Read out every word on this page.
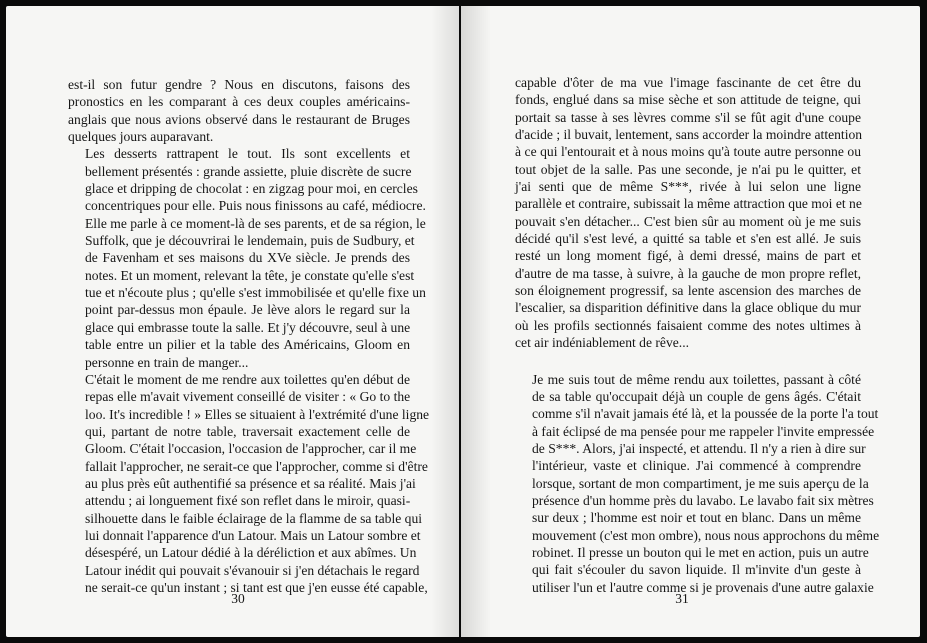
est-il son futur gendre ? Nous en discutons, faisons des
pronostics en les comparant à ces deux couples américains-
anglais que nous avions observé dans le restaurant de Bruges
quelques jours auparavant.

Les desserts rattrapent le tout. Ils sont excellents et
bellement présentés : grande assiette, pluie discrète de sucre
glace et dripping de chocolat : en zigzag pour moi, en cercles
concentriques pour elle. Puis nous finissons au café, médiocre.
Elle me parle à ce moment-là de ses parents, et de sa région, le
Suffolk, que je découvrirai le lendemain, puis de Sudbury, et
de Favenham et ses maisons du XVe siècle. Je prends des
notes. Et un moment, relevant la tête, je constate qu'elle s'est
tue et n'écoute plus ; qu'elle s'est immobilisée et qu'elle fixe un
point par-dessus mon épaule. Je lève alors le regard sur la
glace qui embrasse toute la salle. Et j'y découvre, seul à une
table entre un pilier et la table des Américains, Gloom en
personne en train de manger...

C'était le moment de me rendre aux toilettes qu'en début de
repas elle m'avait vivement conseillé de visiter : « Go to the
loo. It's incredible ! » Elles se situaient à l'extrémité d'une ligne
qui, partant de notre table, traversait exactement celle de
Gloom. C'était l'occasion, l'occasion de l'approcher, car il me
fallait l'approcher, ne serait-ce que l'approcher, comme si d'être
au plus près eût authentifié sa présence et sa réalité. Mais j'ai
attendu ; ai longuement fixé son reflet dans le miroir, quasi-
silhouette dans le faible éclairage de la flamme de sa table qui
lui donnait l'apparence d'un Latour. Mais un Latour sombre et
désespéré, un Latour dédié à la déréliction et aux abîmes. Un
Latour inédit qui pouvait s'évanouir si j'en détachais le regard
ne serait-ce qu'un instant ; si tant est que j'en eusse été capable,

30

capable d'ôter de ma vue l'image fascinante de cet être du
fonds, englué dans sa mise sèche et son attitude de teigne, qui
portait sa tasse à ses lèvres comme s'il se fût agit d'une coupe
d'acide ; il buvait, lentement, sans accorder la moindre attention
à ce qui l'entourait et à nous moins qu'à toute autre personne ou
tout objet de la salle. Pas une seconde, je n'ai pu le quitter, et
j'ai senti que de même S***, rivée à lui selon une ligne
parallèle et contraire, subissait la même attraction que moi et ne
pouvait s'en détacher... C'est bien sûr au moment où je me suis
décidé qu'il s'est levé, a quitté sa table et s'en est allé. Je suis
resté un long moment figé, à demi dressé, mains de part et
d'autre de ma tasse, à suivre, à la gauche de mon propre reflet,
son éloignement progressif, sa lente ascension des marches de
l'escalier, sa disparition définitive dans la glace oblique du mur
où les profils sectionnés faisaient comme des notes ultimes à
cet air indéniablement de rêve...

Je me suis tout de même rendu aux toilettes, passant à côté
de sa table qu'occupait déjà un couple de gens âgés. C'était
comme s'il n'avait jamais été là, et la poussée de la porte l'a tout
à fait éclipsé de ma pensée pour me rappeler l'invite empressée
de S***. Alors, j'ai inspecté, et attendu. Il n'y a rien à dire sur
l'intérieur, vaste et clinique. J'ai commencé à comprendre
lorsque, sortant de mon compartiment, je me suis aperçu de la
présence d'un homme près du lavabo. Le lavabo fait six mètres
sur deux ; l'homme est noir et tout en blanc. Dans un même
mouvement (c'est mon ombre), nous nous approchons du même
robinet. Il presse un bouton qui le met en action, puis un autre
qui fait s'écouler du savon liquide. Il m'invite d'un geste à
utiliser l'un et l'autre comme si je provenais d'une autre galaxie

31
